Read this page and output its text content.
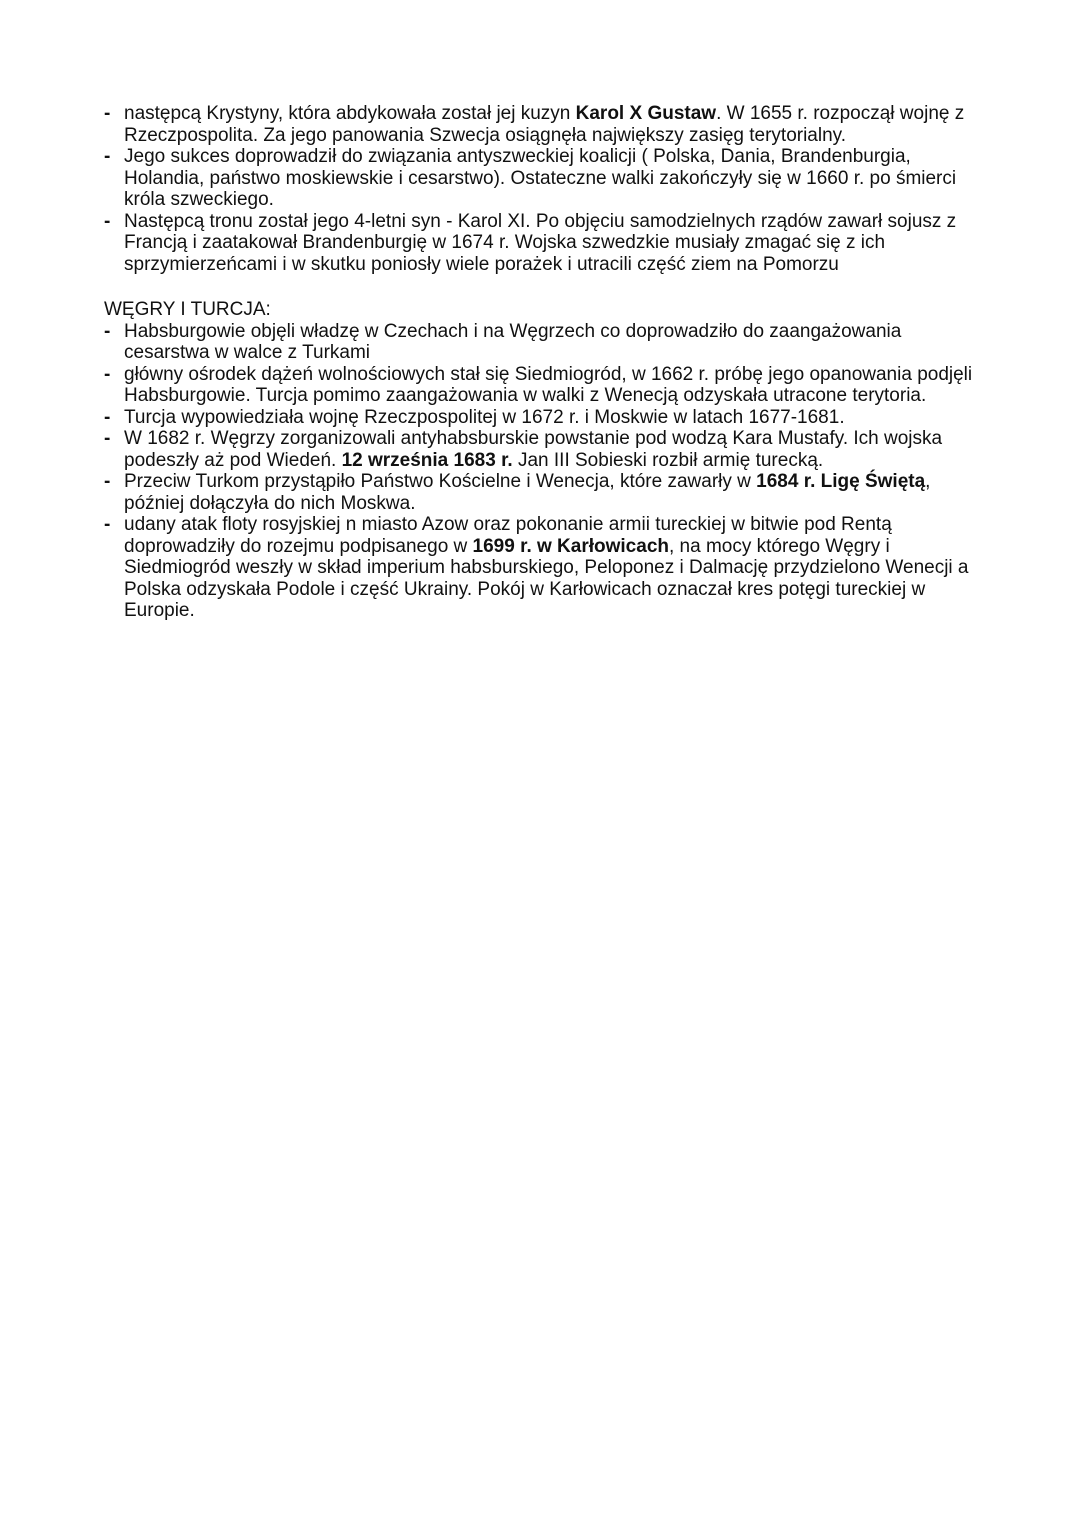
- następcą Krystyny, która abdykowała został jej kuzyn Karol X Gustaw. W 1655 r. rozpoczął wojnę z Rzeczpospolita. Za jego panowania Szwecja osiągnęła największy zasięg terytorialny.
- Jego sukces doprowadził do związania antyszweckiej koalicji ( Polska, Dania, Brandenburgia, Holandia, państwo moskiewskie i cesarstwo). Ostateczne walki zakończyły się w 1660 r. po śmierci króla szweckiego.
- Następcą tronu został jego 4-letni syn - Karol XI. Po objęciu samodzielnych rządów zawarł sojusz z Francją i zaatakował Brandenburgię w 1674 r. Wojska szwedzkie musiały zmagać się z ich sprzymierzeńcami i w skutku poniosły wiele porażek i utracili część ziem na Pomorzu

WĘGRY I TURCJA:

- Habsburgowie objęli władzę w Czechach i na Węgrzech co doprowadziło do zaangażowania cesarstwa w walce z Turkami
- główny ośrodek dążeń wolnościowych stał się Siedmiogród, w 1662 r. próbę jego opanowania podjęli Habsburgowie. Turcja pomimo zaangażowania w walki z Wenecją odzyskała utracone terytoria.
- Turcja wypowiedziała wojnę Rzeczpospolitej w 1672 r. i Moskwie w latach 1677-1681.
- W 1682 r. Węgrzy zorganizowali antyhabsburskie powstanie pod wodzą Kara Mustafy. Ich wojska podeszły aż pod Wiedeń. 12 września 1683 r. Jan III Sobieski rozbił armię turecką.
- Przeciw Turkom przystąpiło Państwo Kościelne i Wenecja, które zawarły w 1684 r. Ligę Świętą, później dołączyła do nich Moskwa.
- udany atak floty rosyjskiej n miasto Azow oraz pokonanie armii tureckiej w bitwie pod Rentą doprowadziły do rozejmu podpisanego w 1699 r. w Karłowicach, na mocy którego Węgry i Siedmiogród weszły w skład imperium habsburskiego, Peloponez i Dalmację przydzielono Wenecji a Polska odzyskała Podole i część Ukrainy. Pokój w Karłowicach oznaczał kres potęgi tureckiej w Europie.
